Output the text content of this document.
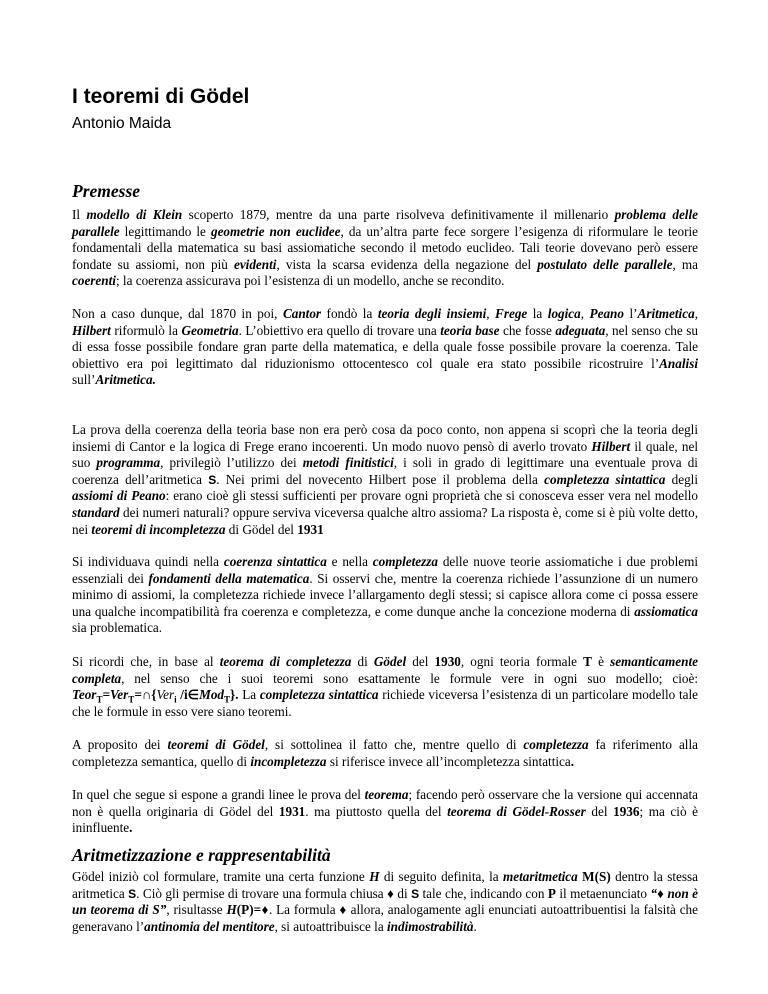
I teoremi di Gödel

Antonio Maida

Premesse

Il modello di Klein scoperto 1879, mentre da una parte risolveva definitivamente il millenario problema delle parallele legittimando le geometrie non euclidee, da un’altra parte fece sorgere l’esigenza di riformulare le teorie fondamentali della matematica su basi assiomatiche secondo il metodo euclideo. Tali teorie dovevano però essere fondate su assiomi, non più evidenti, vista la scarsa evidenza della negazione del postulato delle parallele, ma coerenti; la coerenza assicurava poi l’esistenza di un modello, anche se recondito.

Non a caso dunque, dal 1870 in poi, Cantor fondò la teoria degli insiemi, Frege la logica, Peano l’Aritmetica, Hilbert riformulò la Geometria. L’obiettivo era quello di trovare una teoria base che fosse adeguata, nel senso che su di essa fosse possibile fondare gran parte della matematica, e della quale fosse possibile provare la coerenza. Tale obiettivo era poi legittimato dal riduzionismo ottocentesco col quale era stato possibile ricostruire l’Analisi sull’Aritmetica.

La prova della coerenza della teoria base non era però cosa da poco conto, non appena si scoprì che la teoria degli insiemi di Cantor e la logica di Frege erano incoerenti. Un modo nuovo pensò di averlo trovato Hilbert il quale, nel suo programma, privilegiò l’utilizzo dei metodi finitistici, i soli in grado di legittimare una eventuale prova di coerenza dell’aritmetica S. Nei primi del novecento Hilbert pose il problema della completezza sintattica degli assiomi di Peano: erano cioè gli stessi sufficienti per provare ogni proprietà che si conosceva esser vera nel modello standard dei numeri naturali? oppure serviva viceversa qualche altro assioma? La risposta è, come si è più volte detto, nei teoremi di incompletezza di Gödel del 1931

Si individuava quindi nella coerenza sintattica e nella completezza delle nuove teorie assiomatiche i due problemi essenziali dei fondamenti della matematica. Si osservi che, mentre la coerenza richiede l’assunzione di un numero minimo di assiomi, la completezza richiede invece l’allargamento degli stessi; si capisce allora come ci possa essere una qualche incompatibilità fra coerenza e completezza, e come dunque anche la concezione moderna di assiomatica sia problematica.

Si ricordi che, in base al teorema di completezza di Gödel del 1930, ogni teoria formale T è semanticamente completa, nel senso che i suoi teoremi sono esattamente le formule vere in ogni suo modello; cioè: Teor$_T$=Ver$_T$=∩{Ver$_i$ /i∈Mod$_T$}. La completezza sintattica richiede viceversa l’esistenza di un particolare modello tale che le formule in esso vere siano teoremi.

A proposito dei teoremi di Gödel, si sottolinea il fatto che, mentre quello di completezza fa riferimento alla completezza semantica, quello di incompletezza si riferisce invece all’incompletezza sintattica.

In quel che segue si espone a grandi linee le prova del teorema; facendo però osservare che la versione qui accennata non è quella originaria di Gödel del 1931. ma piuttosto quella del teorema di Gödel-Rosser del 1936; ma ciò è ininfluente.

Aritmetizzazione e rappresentabilità

Gödel iniziò col formulare, tramite una certa funzione H di seguito definita, la metaritmetica M(S) dentro la stessa aritmetica S. Ciò gli permise di trovare una formula chiusa ♦ di S tale che, indicando con P il metaenunciato “♦ non è un teorema di S”, risultasse H(P)=♦. La formula ♦ allora, analogamente agli enunciati autoattribuentisi la falsità che generavano l’antinomia del mentitore, si autoattribuisce la indimostrabilità.
